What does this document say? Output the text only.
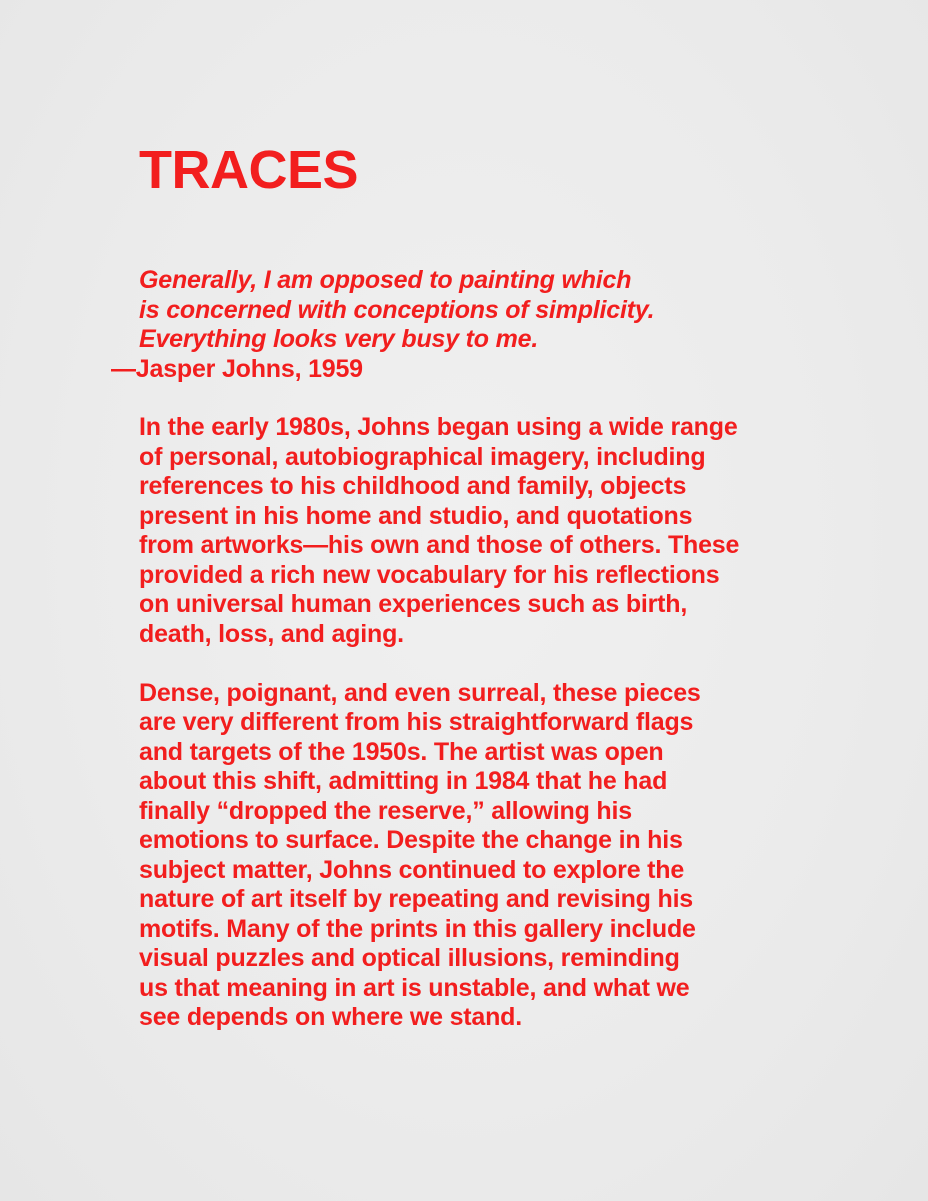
TRACES
Generally, I am opposed to painting which
is concerned with conceptions of simplicity.
Everything looks very busy to me.
—Jasper Johns, 1959
In the early 1980s, Johns began using a wide range
of personal, autobiographical imagery, including
references to his childhood and family, objects
present in his home and studio, and quotations
from artworks—his own and those of others. These
provided a rich new vocabulary for his reflections
on universal human experiences such as birth,
death, loss, and aging.
Dense, poignant, and even surreal, these pieces
are very different from his straightforward flags
and targets of the 1950s. The artist was open
about this shift, admitting in 1984 that he had
finally “dropped the reserve,” allowing his
emotions to surface. Despite the change in his
subject matter, Johns continued to explore the
nature of art itself by repeating and revising his
motifs. Many of the prints in this gallery include
visual puzzles and optical illusions, reminding
us that meaning in art is unstable, and what we
see depends on where we stand.
